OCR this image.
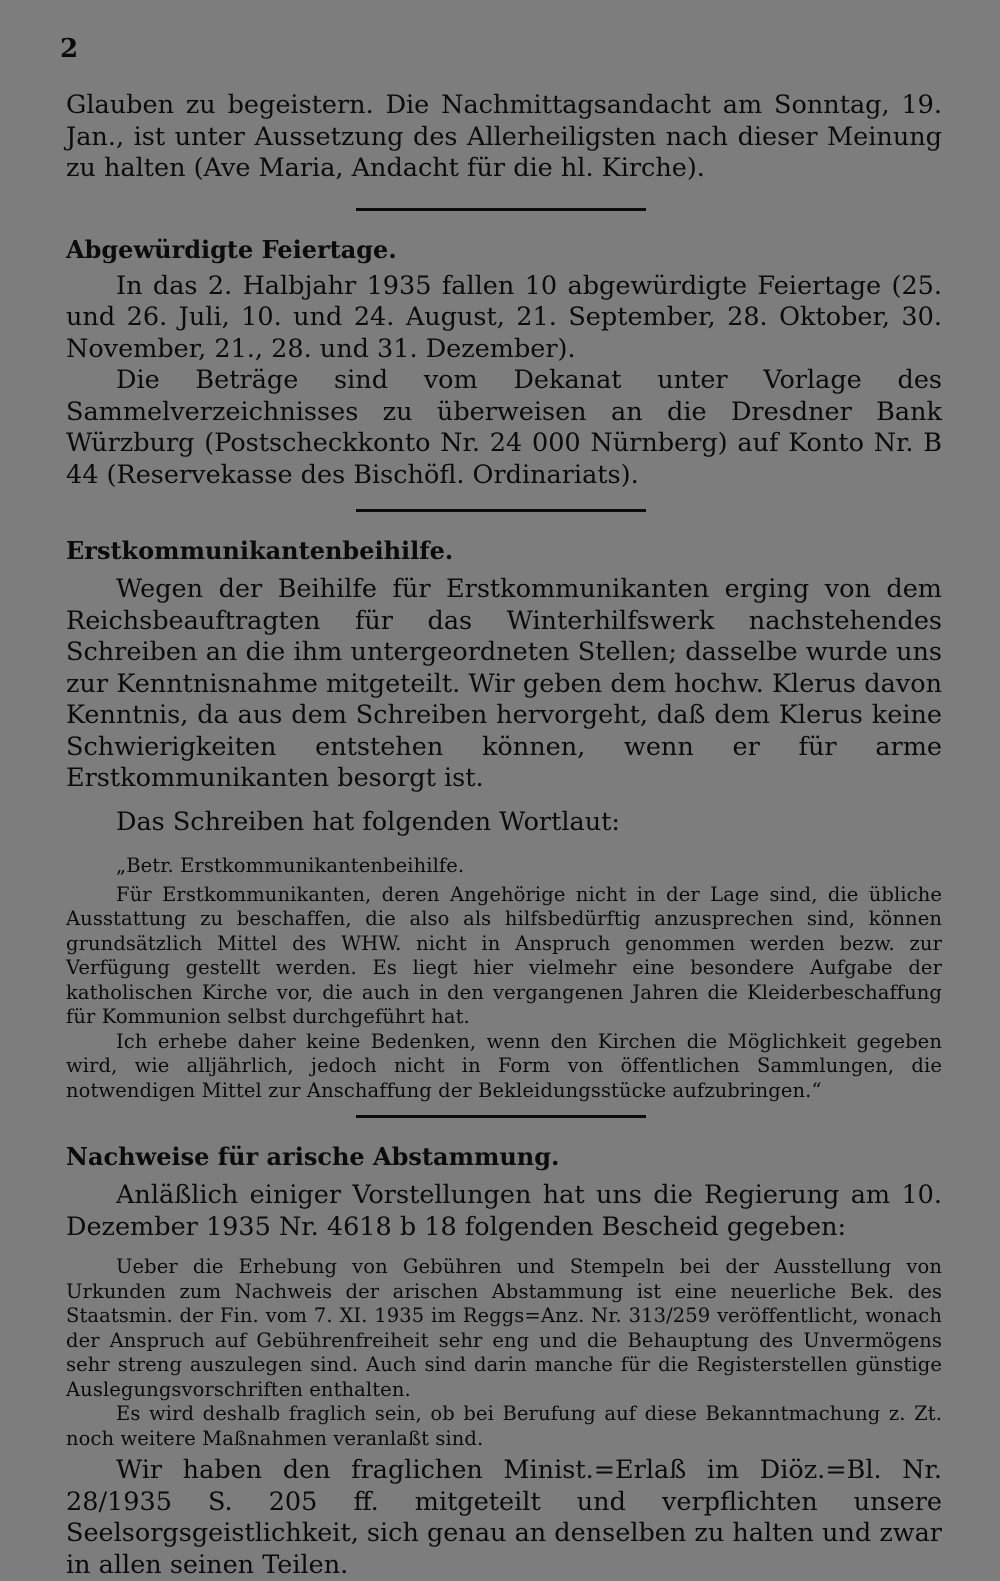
2

Glauben zu begeistern. Die Nachmittagsandacht am Sonntag, 19. Jan., ist unter Aussetzung des Allerheiligsten nach dieser Meinung zu halten (Ave Maria, Andacht für die hl. Kirche).

Abgewürdigte Feiertage.

In das 2. Halbjahr 1935 fallen 10 abgewürdigte Feiertage (25. und 26. Juli, 10. und 24. August, 21. September, 28. Oktober, 30. November, 21., 28. und 31. Dezember).

Die Beträge sind vom Dekanat unter Vorlage des Sammelverzeichnisses zu überweisen an die Dresdner Bank Würzburg (Postscheckkonto Nr. 24 000 Nürnberg) auf Konto Nr. B 44 (Reservekasse des Bischöfl. Ordinariats).

Erstkommunikantenbeihilfe.

Wegen der Beihilfe für Erstkommunikanten erging von dem Reichsbeauftragten für das Winterhilfswerk nachstehendes Schreiben an die ihm untergeordneten Stellen; dasselbe wurde uns zur Kenntnisnahme mitgeteilt. Wir geben dem hochw. Klerus davon Kenntnis, da aus dem Schreiben hervorgeht, daß dem Klerus keine Schwierigkeiten entstehen können, wenn er für arme Erstkommunikanten besorgt ist.

Das Schreiben hat folgenden Wortlaut:

„Betr. Erstkommunikantenbeihilfe.

Für Erstkommunikanten, deren Angehörige nicht in der Lage sind, die übliche Ausstattung zu beschaffen, die also als hilfsbedürftig anzusprechen sind, können grundsätzlich Mittel des WHW. nicht in Anspruch genommen werden bezw. zur Verfügung gestellt werden. Es liegt hier vielmehr eine besondere Aufgabe der katholischen Kirche vor, die auch in den vergangenen Jahren die Kleiderbeschaffung für Kommunion selbst durchgeführt hat.

Ich erhebe daher keine Bedenken, wenn den Kirchen die Möglichkeit gegeben wird, wie alljährlich, jedoch nicht in Form von öffentlichen Sammlungen, die notwendigen Mittel zur Anschaffung der Bekleidungsstücke aufzubringen.“

Nachweise für arische Abstammung.

Anläßlich einiger Vorstellungen hat uns die Regierung am 10. Dezember 1935 Nr. 4618 b 18 folgenden Bescheid gegeben:

Ueber die Erhebung von Gebühren und Stempeln bei der Ausstellung von Urkunden zum Nachweis der arischen Abstammung ist eine neuerliche Bek. des Staatsmin. der Fin. vom 7. XI. 1935 im Reggs=Anz. Nr. 313/259 veröffentlicht, wonach der Anspruch auf Gebührenfreiheit sehr eng und die Behauptung des Unvermögens sehr streng auszulegen sind. Auch sind darin manche für die Registerstellen günstige Auslegungsvorschriften enthalten.

Es wird deshalb fraglich sein, ob bei Berufung auf diese Bekanntmachung z. Zt. noch weitere Maßnahmen veranlaßt sind.

Wir haben den fraglichen Minist.=Erlaß im Diöz.=Bl. Nr. 28/1935 S. 205 ff. mitgeteilt und verpflichten unsere Seelsorgsgeistlichkeit, sich genau an denselben zu halten und zwar in allen seinen Teilen.
